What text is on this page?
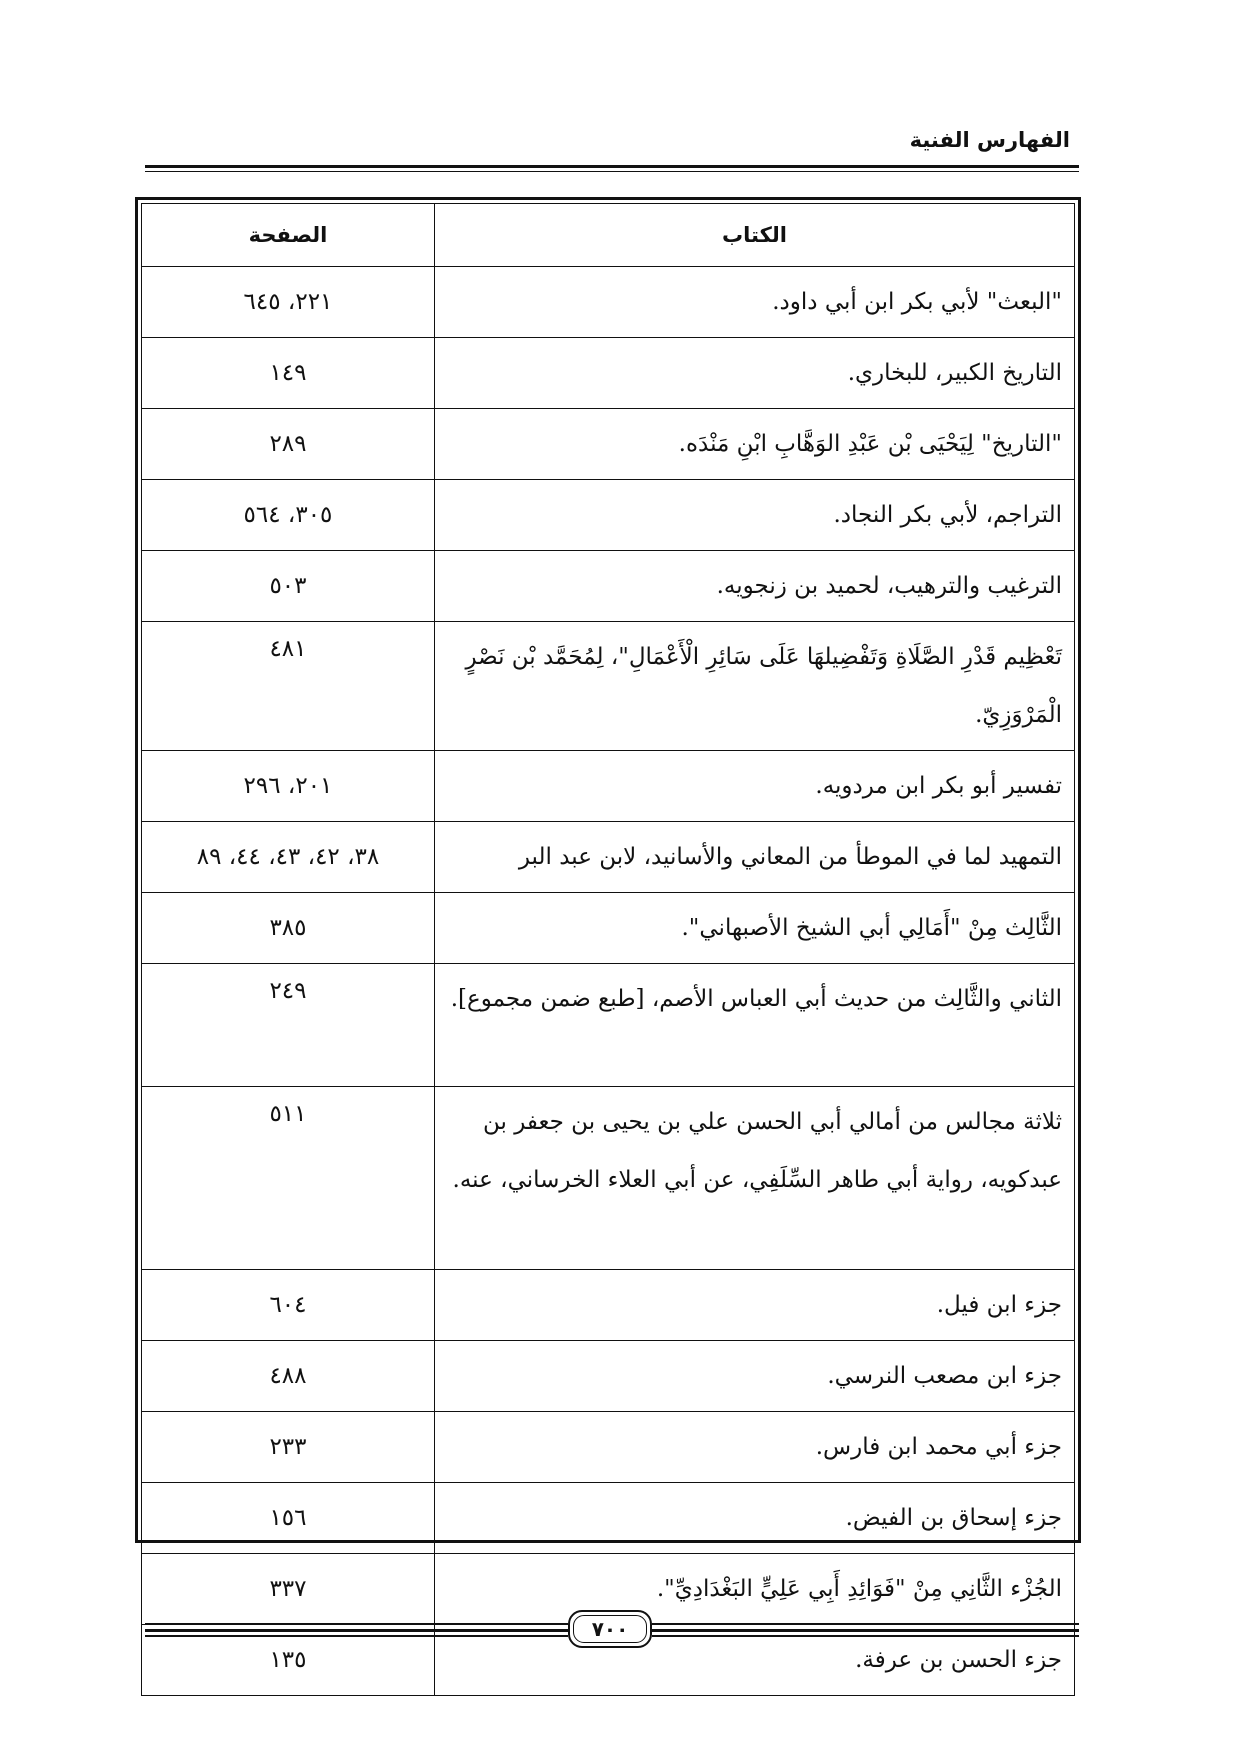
الفهارس الفنية
الكتاب	الصفحة
"البعث" لأبي بكر ابن أبي داود.	٢٢١، ٦٤٥
التاريخ الكبير، للبخاري.	١٤٩
"التاريخ" لِيَحْيَى بْن عَبْدِ الوَهَّابِ ابْنِ مَنْدَه.	٢٨٩
التراجم، لأبي بكر النجاد.	٣٠٥، ٥٦٤
الترغيب والترهيب، لحميد بن زنجويه.	٥٠٣
تَعْظِيم قَدْرِ الصَّلَاةِ وَتَفْضِيلهَا عَلَى سَائِرِ الْأَعْمَالِ"، لِمُحَمَّد بْن نَصْرٍ الْمَرْوَزِيّ.	٤٨١
تفسير أبو بكر ابن مردويه.	٢٠١، ٢٩٦
التمهيد لما في الموطأ من المعاني والأسانيد، لابن عبد البر	٣٨، ٤٢، ٤٣، ٤٤، ٨٩
الثَّالِث مِنْ "أَمَالِي أبي الشيخ الأصبهاني".	٣٨٥
الثاني والثَّالِث من حديث أبي العباس الأصم، [طبع ضمن مجموع].	٢٤٩
ثلاثة مجالس من أمالي أبي الحسن علي بن يحيى بن جعفر بن عبدكويه، رواية أبي طاهر السِّلَفِي، عن أبي العلاء الخرساني، عنه.	٥١١
جزء ابن فيل.	٦٠٤
جزء ابن مصعب النرسي.	٤٨٨
جزء أبي محمد ابن فارس.	٢٣٣
جزء إسحاق بن الفيض.	١٥٦
الجُزْء الثَّانِي مِنْ "فَوَائِدِ أَبِي عَلِيٍّ البَغْدَادِيِّ".	٣٣٧
جزء الحسن بن عرفة.	١٣٥
٧٠٠
